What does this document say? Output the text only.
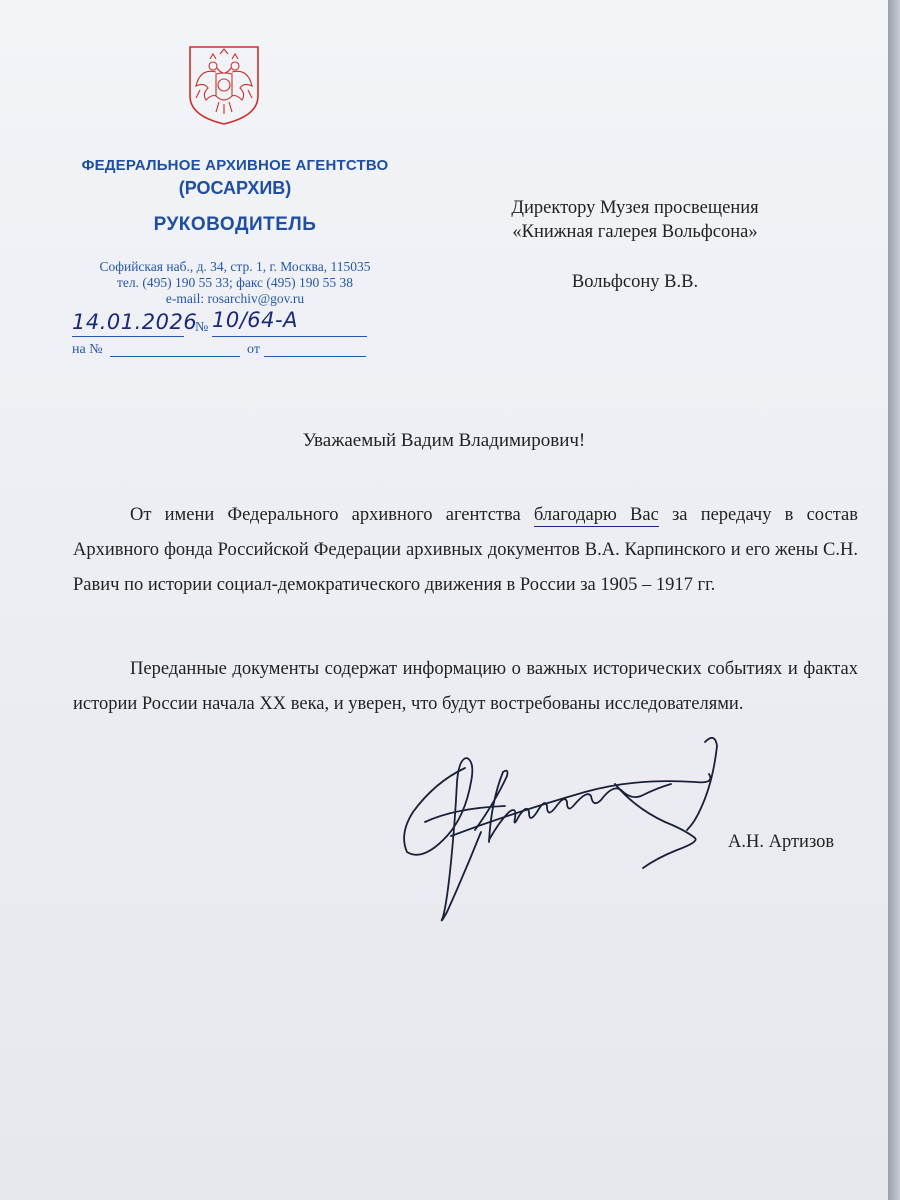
ФЕДЕРАЛЬНОЕ АРХИВНОЕ АГЕНТСТВО
(РОСАРХИВ)
РУКОВОДИТЕЛЬ
Софийская наб., д. 34, стр. 1, г. Москва, 115035
тел. (495) 190 55 33; факс (495) 190 55 38
e-mail: rosarchiv@gov.ru
14.01.2026
№ 10/64-А
на №	от
Директору Музея просвещения
«Книжная галерея Вольфсона»
Вольфсону В.В.
Уважаемый Вадим Владимирович!
От имени Федерального архивного агентства благодарю Вас за передачу в состав Архивного фонда Российской Федерации архивных документов В.А. Карпинского и его жены С.Н. Равич по истории социал-демократического движения в России за 1905 – 1917 гг.
Переданные документы содержат информацию о важных исторических событиях и фактах истории России начала XX века, и уверен, что будут востребованы исследователями.
А.Н. Артизов
